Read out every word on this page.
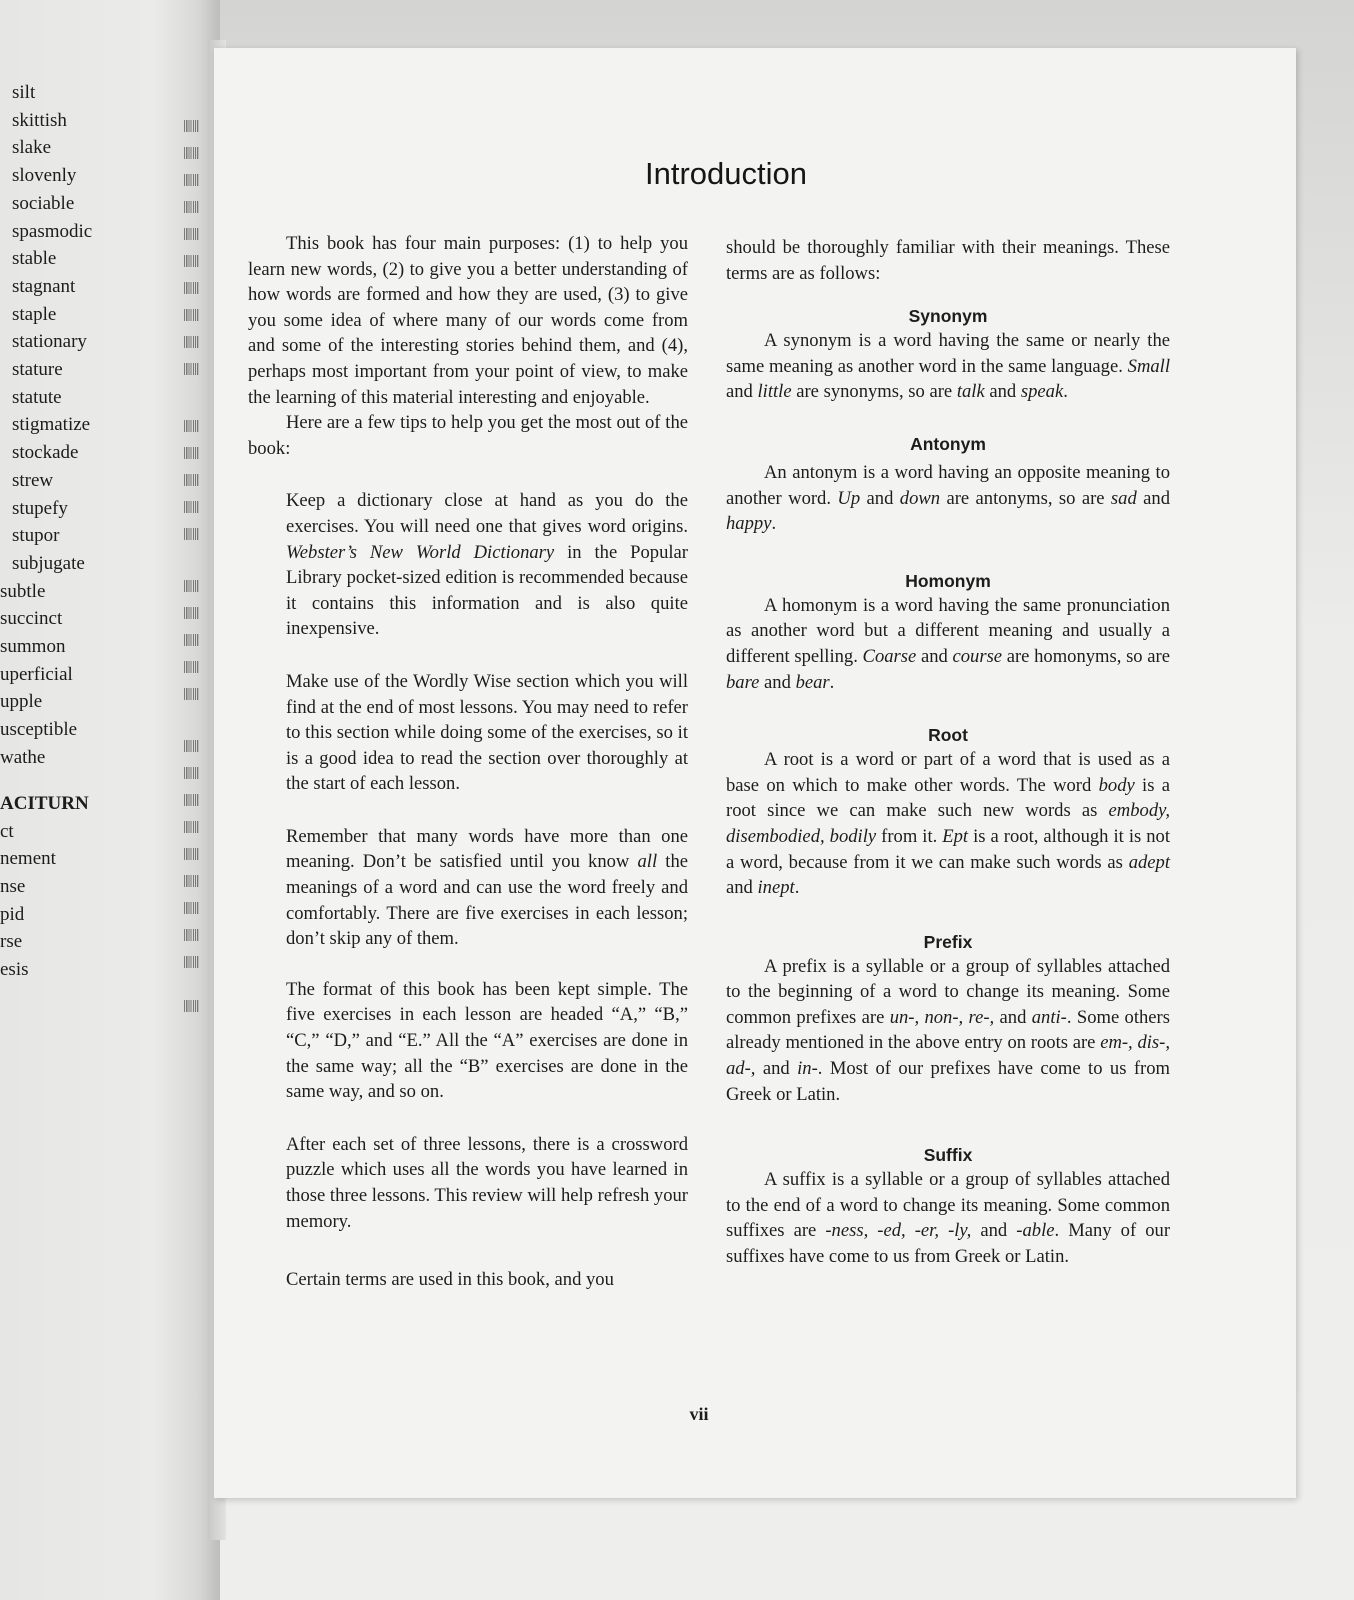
silt
skittish
slake
slovenly
sociable
spasmodic
stable
stagnant
staple
stationary
stature
statute
stigmatize
stockade
strew
stupefy
stupor
subjugate
subtle
succinct
summon
uperficial
upple
usceptible
wathe
ACITURN
ct
nement
nse
pid
rse
esis
Introduction

This book has four main purposes: (1) to help you learn new words, (2) to give you a better understanding of how words are formed and how they are used, (3) to give you some idea of where many of our words come from and some of the interesting stories behind them, and (4), perhaps most important from your point of view, to make the learning of this material interesting and enjoyable.

Here are a few tips to help you get the most out of the book:

Keep a dictionary close at hand as you do the exercises. You will need one that gives word origins. Webster’s New World Dictionary in the Popular Library pocket-sized edition is recommended because it contains this information and is also quite inexpensive.

Make use of the Wordly Wise section which you will find at the end of most lessons. You may need to refer to this section while doing some of the exercises, so it is a good idea to read the section over thoroughly at the start of each lesson.

Remember that many words have more than one meaning. Don’t be satisfied until you know all the meanings of a word and can use the word freely and comfortably. There are five exercises in each lesson; don’t skip any of them.

The format of this book has been kept simple. The five exercises in each lesson are headed “A,” “B,” “C,” “D,” and “E.” All the “A” exercises are done in the same way; all the “B” exercises are done in the same way, and so on.

After each set of three lessons, there is a crossword puzzle which uses all the words you have learned in those three lessons. This review will help refresh your memory.

Certain terms are used in this book, and you

should be thoroughly familiar with their meanings. These terms are as follows:

Synonym

A synonym is a word having the same or nearly the same meaning as another word in the same language. Small and little are synonyms, so are talk and speak.

Antonym

An antonym is a word having an opposite meaning to another word. Up and down are antonyms, so are sad and happy.

Homonym

A homonym is a word having the same pronunciation as another word but a different meaning and usually a different spelling. Coarse and course are homonyms, so are bare and bear.

Root

A root is a word or part of a word that is used as a base on which to make other words. The word body is a root since we can make such new words as embody, disembodied, bodily from it. Ept is a root, although it is not a word, because from it we can make such words as adept and inept.

Prefix

A prefix is a syllable or a group of syllables attached to the beginning of a word to change its meaning. Some common prefixes are un-, non-, re-, and anti-. Some others already mentioned in the above entry on roots are em-, dis-, ad-, and in-. Most of our prefixes have come to us from Greek or Latin.

Suffix

A suffix is a syllable or a group of syllables attached to the end of a word to change its meaning. Some common suffixes are -ness, -ed, -er, -ly, and -able. Many of our suffixes have come to us from Greek or Latin.

vii
